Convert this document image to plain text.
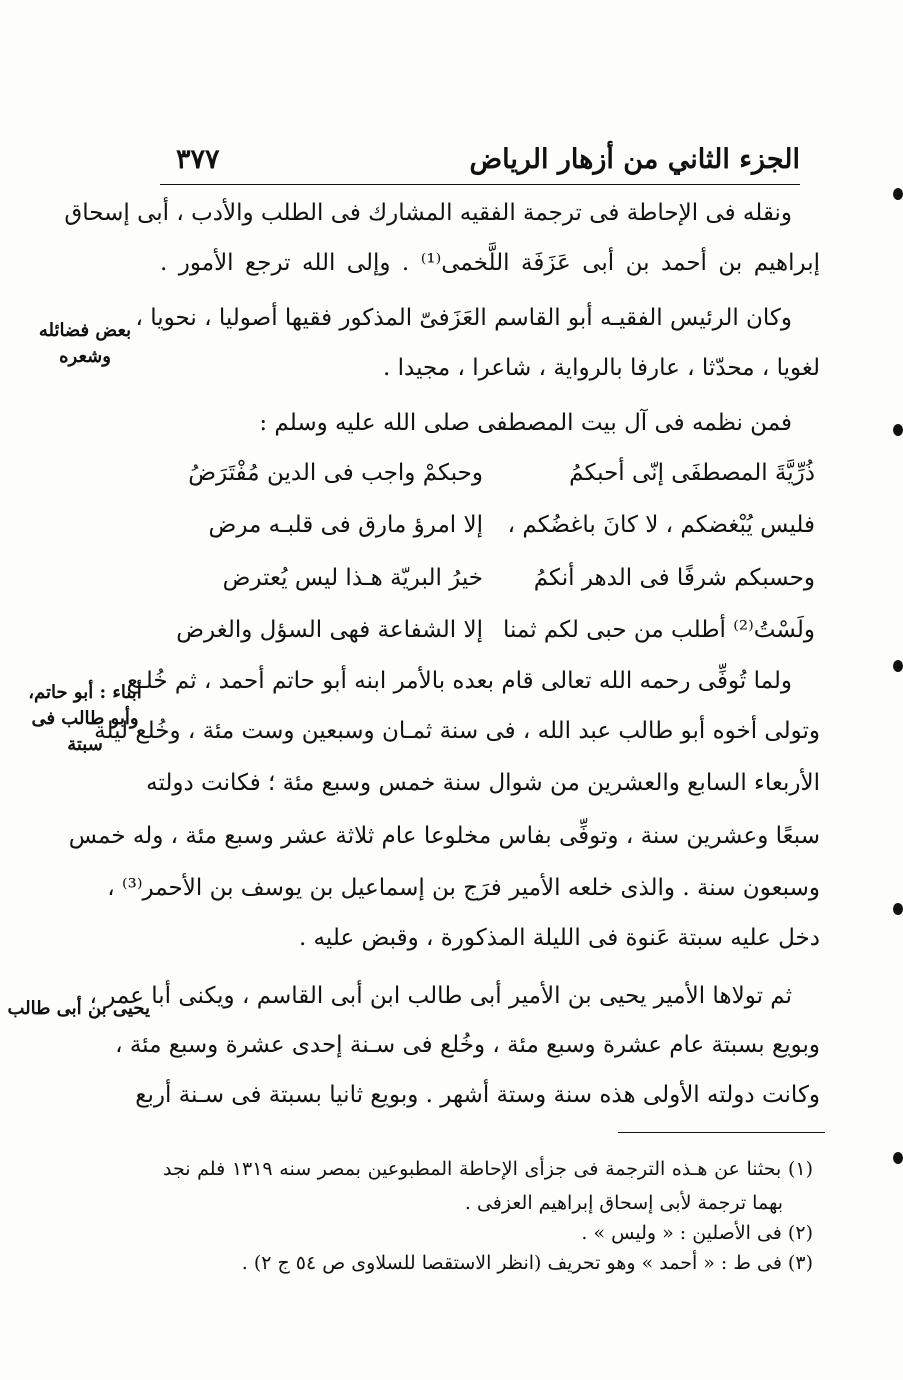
الجزء الثاني من أزهار الرياض
٣٧٧
ونقله فى الإحاطة فى ترجمة الفقيه المشارك فى الطلب والأدب ، أبى إسحاق
إبراهيم بن أحمد بن أبى عَزَفَة اللَّخمى⁽¹⁾ . وإلى الله ترجع الأمور .
وكان الرئيس الفقيـه أبو القاسم العَزَفىّ المذكور فقيها أصوليا ، نحويا ،
لغويا ، محدّثا ، عارفا بالرواية ، شاعرا ، مجيدا .
فمن نظمه فى آل بيت المصطفى صلى الله عليه وسلم :
بعض فضائله
وشعره
ذُرِّيَّةَ المصطفَى إنّى أحبكمُ
وحبكمْ واجب فى الدين مُفْتَرَضُ
فليس يُبْغضكم ، لا كانَ باغضُكم ،
إلا امرؤ مارق فى قلبـه مرض
وحسبكم شرفًا فى الدهر أنكمُ
خيرُ البريّة هـذا ليس يُعترض
ولَسْتُ⁽²⁾ أطلب من حبى لكم ثمنا
إلا الشفاعة فهى السؤل والغرض
ولما تُوفِّى رحمه الله تعالى قام بعده بالأمر ابنه أبو حاتم أحمد ، ثم خُلـع
وتولى أخوه أبو طالب عبد الله ، فى سنة ثمـان وسبعين وست مئة ، وخُلع ليلة
الأربعاء السابع والعشرين من شوال سنة خمس وسبع مئة ؛ فكانت دولته
سبعًا وعشرين سنة ، وتوفِّى بفاس مخلوعا عام ثلاثة عشر وسبع مئة ، وله خمس
وسبعون سنة . والذى خلعه الأمير فرَج بن إسماعيل بن يوسف بن الأحمر⁽³⁾ ،
دخل عليه سبتة عَنوة فى الليلة المذكورة ، وقبض عليه .
ثم تولاها الأمير يحيى بن الأمير أبى طالب ابن أبى القاسم ، ويكنى أبا عمر ،
وبويع بسبتة عام عشرة وسبع مئة ، وخُلع فى سـنة إحدى عشرة وسبع مئة ،
وكانت دولته الأولى هذه سنة وستة أشهر . وبويع ثانيا بسبتة فى سـنة أربع
أبناء : أبو حاتم،
وأبو طالب فى
سبتة
يحيى بن أبى طالب
(١) بحثنا عن هـذه الترجمة فى جزأى الإحاطة المطبوعين بمصر سنه ١٣١٩ فلم نجد
بهما ترجمة لأبى إسحاق إبراهيم العزفى .
(٢) فى الأصلين : « وليس » .
(٣) فى ط : « أحمد » وهو تحريف (انظر الاستقصا للسلاوى ص ٥٤ ج ٢) .
